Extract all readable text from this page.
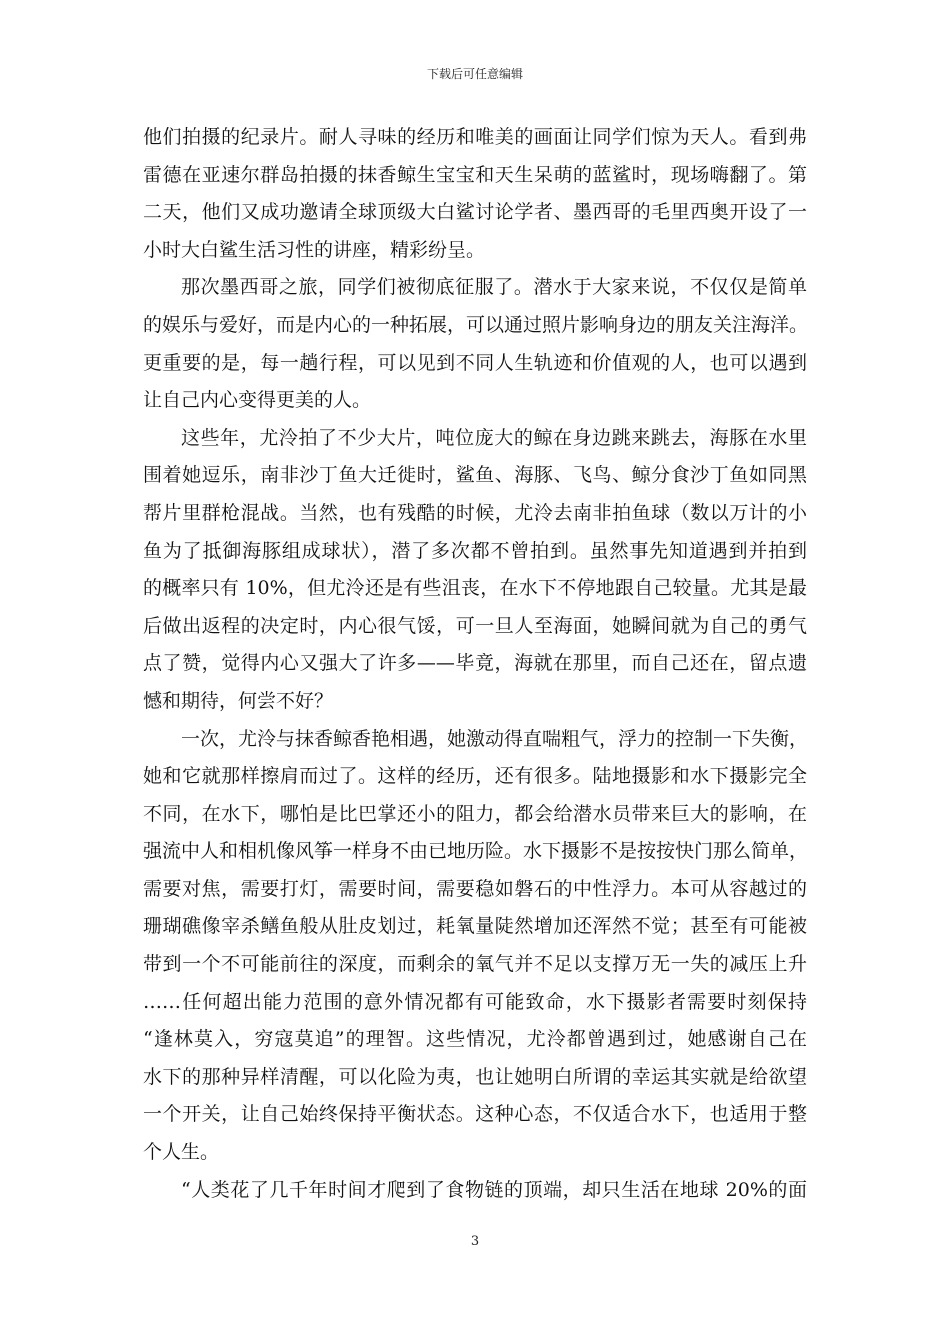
下载后可任意编辑
他们拍摄的纪录片。耐人寻味的经历和唯美的画面让同学们惊为天人。看到弗
雷德在亚速尔群岛拍摄的抹香鲸生宝宝和天生呆萌的蓝鲨时，现场嗨翻了。第
二天，他们又成功邀请全球顶级大白鲨讨论学者、墨西哥的毛里西奥开设了一
小时大白鲨生活习性的讲座，精彩纷呈。
那次墨西哥之旅，同学们被彻底征服了。潜水于大家来说，不仅仅是简单
的娱乐与爱好，而是内心的一种拓展，可以通过照片影响身边的朋友关注海洋。
更重要的是，每一趟行程，可以见到不同人生轨迹和价值观的人，也可以遇到
让自己内心变得更美的人。
这些年，尤泠拍了不少大片，吨位庞大的鲸在身边跳来跳去，海豚在水里
围着她逗乐，南非沙丁鱼大迁徙时，鲨鱼、海豚、飞鸟、鲸分食沙丁鱼如同黑
帮片里群枪混战。当然，也有残酷的时候，尤泠去南非拍鱼球（数以万计的小
鱼为了抵御海豚组成球状），潜了多次都不曾拍到。虽然事先知道遇到并拍到
的概率只有 10%，但尤泠还是有些沮丧，在水下不停地跟自己较量。尤其是最
后做出返程的决定时，内心很气馁，可一旦人至海面，她瞬间就为自己的勇气
点了赞，觉得内心又强大了许多——毕竟，海就在那里，而自己还在，留点遗
憾和期待，何尝不好？
一次，尤泠与抹香鲸香艳相遇，她激动得直喘粗气，浮力的控制一下失衡，
她和它就那样擦肩而过了。这样的经历，还有很多。陆地摄影和水下摄影完全
不同，在水下，哪怕是比巴掌还小的阻力，都会给潜水员带来巨大的影响，在
强流中人和相机像风筝一样身不由已地历险。水下摄影不是按按快门那么简单，
需要对焦，需要打灯，需要时间，需要稳如磐石的中性浮力。本可从容越过的
珊瑚礁像宰杀鳝鱼般从肚皮划过，耗氧量陡然增加还浑然不觉；甚至有可能被
带到一个不可能前往的深度，而剩余的氧气并不足以支撑万无一失的减压上升
……任何超出能力范围的意外情况都有可能致命，水下摄影者需要时刻保持
“逢林莫入，穷寇莫追”的理智。这些情况，尤泠都曾遇到过，她感谢自己在
水下的那种异样清醒，可以化险为夷，也让她明白所谓的幸运其实就是给欲望
一个开关，让自己始终保持平衡状态。这种心态，不仅适合水下，也适用于整
个人生。
“人类花了几千年时间才爬到了食物链的顶端，却只生活在地球 20%的面
3
